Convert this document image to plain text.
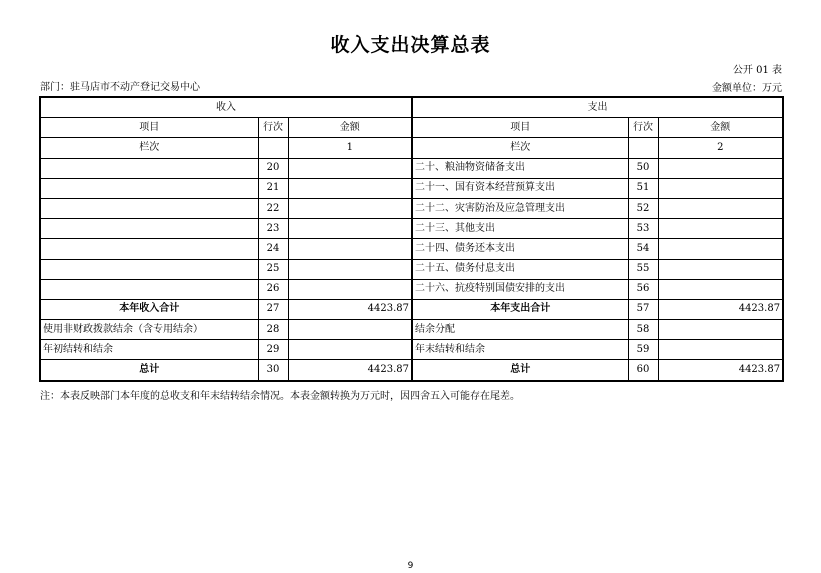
收入支出决算总表
公开 01 表
部门：驻马店市不动产登记交易中心	金额单位：万元
收入			支出		
项目	行次	金额	项目	行次	金额
栏次		1	栏次		2
	20		二十、粮油物资储备支出	50	
	21		二十一、国有资本经营预算支出	51	
	22		二十二、灾害防治及应急管理支出	52	
	23		二十三、其他支出	53	
	24		二十四、债务还本支出	54	
	25		二十五、债务付息支出	55	
	26		二十六、抗疫特别国债安排的支出	56	
本年收入合计	27	4423.87	本年支出合计	57	4423.87
使用非财政拨款结余（含专用结余）	28		结余分配	58	
年初结转和结余	29		年末结转和结余	59	
总计	30	4423.87	总计	60	4423.87
注：本表反映部门本年度的总收支和年末结转结余情况。本表金额转换为万元时，因四舍五入可能存在尾差。
9
